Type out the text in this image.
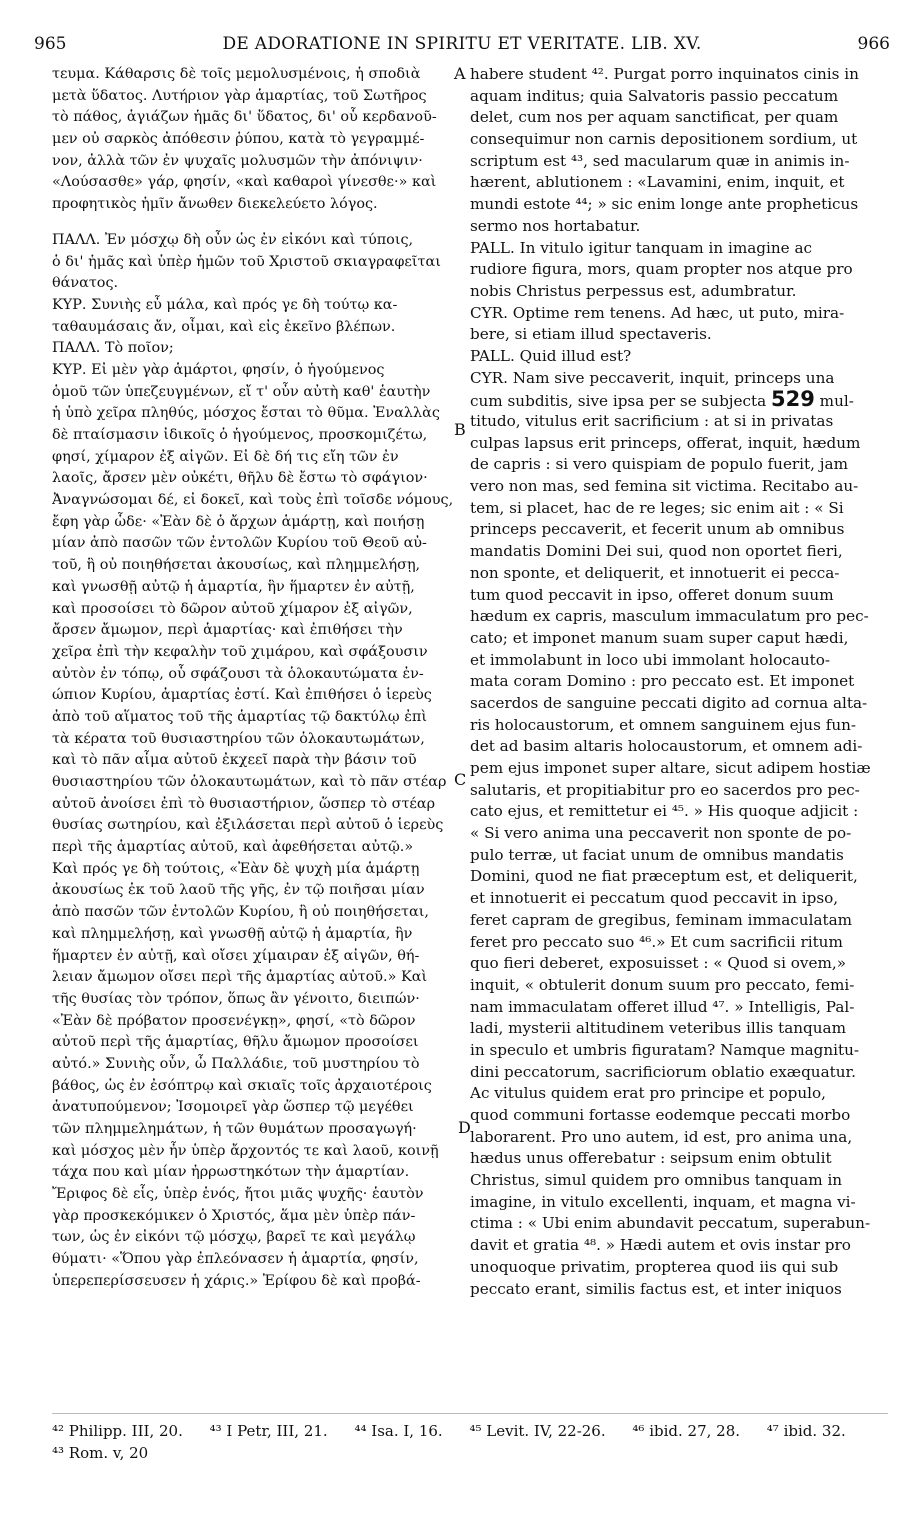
965	DE ADORATIONE IN SPIRITU ET VERITATE. LIB. XV.	966
τευμα. Κάθαρσις δὲ τοῖς μεμολυσμένοις, ἡ σποδιὰ
μετὰ ὕδατος. Λυτήριον γὰρ ἁμαρτίας, τοῦ Σωτῆρος
τὸ πάθος, ἁγιάζων ἡμᾶς δι' ὕδατος, δι' οὗ κερδανοῦ-
μεν οὐ σαρκὸς ἀπόθεσιν ῥύπου, κατὰ τὸ γεγραμμέ-
νον, ἀλλὰ τῶν ἐν ψυχαῖς μολυσμῶν τὴν ἀπόνιψιν·
«Λούσασθε» γάρ, φησίν, «καὶ καθαροὶ γίνεσθε·» καὶ
προφητικὸς ἡμῖν ἄνωθεν διεκελεύετο λόγος.
ΠΑΛΛ. Ἐν μόσχῳ δὴ οὖν ὡς ἐν εἰκόνι καὶ τύποις,
ὁ δι' ἡμᾶς καὶ ὑπὲρ ἡμῶν τοῦ Χριστοῦ σκιαγραφεῖται
θάνατος.
ΚΥΡ. Συνιὴς εὖ μάλα, καὶ πρός γε δὴ τούτῳ κα-
ταθαυμάσαις ἄν, οἶμαι, καὶ εἰς ἐκεῖνο βλέπων.
ΠΑΛΛ. Τὸ ποῖον;
ΚΥΡ. Εἰ μὲν γὰρ ἁμάρτοι, φησίν, ὁ ἡγούμενος
ὁμοῦ τῶν ὑπεζευγμένων, εἴ τ' οὖν αὐτὴ καθ' ἑαυτὴν
ἡ ὑπὸ χεῖρα πληθύς, μόσχος ἔσται τὸ θῦμα. Ἐναλλὰς
δὲ πταίσμασιν ἰδικοῖς ὁ ἡγούμενος, προσκομιζέτω,
φησί, χίμαρον ἐξ αἰγῶν. Εἰ δὲ δή τις εἴη τῶν ἐν
λαοῖς, ἄρσεν μὲν οὐκέτι, θῆλυ δὲ ἔστω τὸ σφάγιον·
Ἀναγνώσομαι δέ, εἰ δοκεῖ, καὶ τοὺς ἐπὶ τοῖσδε νόμους,
ἔφη γὰρ ὧδε· «Ἐὰν δὲ ὁ ἄρχων ἁμάρτῃ, καὶ ποιήσῃ
μίαν ἀπὸ πασῶν τῶν ἐντολῶν Κυρίου τοῦ Θεοῦ αὐ-
τοῦ, ἣ οὐ ποιηθήσεται ἀκουσίως, καὶ πλημμελήσῃ,
καὶ γνωσθῇ αὐτῷ ἡ ἁμαρτία, ἣν ἥμαρτεν ἐν αὐτῇ,
καὶ προσοίσει τὸ δῶρον αὐτοῦ χίμαρον ἐξ αἰγῶν,
ἄρσεν ἄμωμον, περὶ ἁμαρτίας· καὶ ἐπιθήσει τὴν
χεῖρα ἐπὶ τὴν κεφαλὴν τοῦ χιμάρου, καὶ σφάξουσιν
αὐτὸν ἐν τόπῳ, οὗ σφάζουσι τὰ ὁλοκαυτώματα ἐν-
ώπιον Κυρίου, ἁμαρτίας ἐστί. Καὶ ἐπιθήσει ὁ ἱερεὺς
ἀπὸ τοῦ αἵματος τοῦ τῆς ἁμαρτίας τῷ δακτύλῳ ἐπὶ
τὰ κέρατα τοῦ θυσιαστηρίου τῶν ὁλοκαυτωμάτων,
καὶ τὸ πᾶν αἷμα αὐτοῦ ἐκχεεῖ παρὰ τὴν βάσιν τοῦ
θυσιαστηρίου τῶν ὁλοκαυτωμάτων, καὶ τὸ πᾶν στέαρ
αὐτοῦ ἀνοίσει ἐπὶ τὸ θυσιαστήριον, ὥσπερ τὸ στέαρ
θυσίας σωτηρίου, καὶ ἐξιλάσεται περὶ αὐτοῦ ὁ ἱερεὺς
περὶ τῆς ἁμαρτίας αὐτοῦ, καὶ ἀφεθήσεται αὐτῷ.»
Καὶ πρός γε δὴ τούτοις, «Ἐὰν δὲ ψυχὴ μία ἁμάρτῃ
ἀκουσίως ἐκ τοῦ λαοῦ τῆς γῆς, ἐν τῷ ποιῆσαι μίαν
ἀπὸ πασῶν τῶν ἐντολῶν Κυρίου, ἣ οὐ ποιηθήσεται,
καὶ πλημμελήσῃ, καὶ γνωσθῇ αὐτῷ ἡ ἁμαρτία, ἣν
ἥμαρτεν ἐν αὐτῇ, καὶ οἴσει χίμαιραν ἐξ αἰγῶν, θή-
λειαν ἄμωμον οἴσει περὶ τῆς ἁμαρτίας αὐτοῦ.» Καὶ
τῆς θυσίας τὸν τρόπον, ὅπως ἂν γένοιτο, διειπών·
«Ἐὰν δὲ πρόβατον προσενέγκῃ», φησί, «τὸ δῶρον
αὐτοῦ περὶ τῆς ἁμαρτίας, θῆλυ ἄμωμον προσοίσει
αὐτό.» Συνιὴς οὖν, ὦ Παλλάδιε, τοῦ μυστηρίου τὸ
βάθος, ὡς ἐν ἐσόπτρῳ καὶ σκιαῖς τοῖς ἀρχαιοτέροις
ἀνατυπούμενον; Ἰσομοιρεῖ γὰρ ὥσπερ τῷ μεγέθει
τῶν πλημμελημάτων, ἡ τῶν θυμάτων προσαγωγή·
καὶ μόσχος μὲν ἦν ὑπὲρ ἄρχοντός τε καὶ λαοῦ, κοινῇ
τάχα που καὶ μίαν ἠρρωστηκότων τὴν ἁμαρτίαν.
Ἔριφος δὲ εἷς, ὑπὲρ ἑνός, ἤτοι μιᾶς ψυχῆς· ἑαυτὸν
γὰρ προσκεκόμικεν ὁ Χριστός, ἅμα μὲν ὑπὲρ πάν-
των, ὡς ἐν εἰκόνι τῷ μόσχῳ, βαρεῖ τε καὶ μεγάλῳ
θύματι· «Ὅπου γὰρ ἐπλεόνασεν ἡ ἁμαρτία, φησίν,
ὑπερεπερίσσευσεν ἡ χάρις.» Ἐρίφου δὲ καὶ προβά-
habere student ⁴². Purgat porro inquinatos cinis in
aquam inditus; quia Salvatoris passio peccatum
delet, cum nos per aquam sanctificat, per quam
consequimur non carnis depositionem sordium, ut
scriptum est ⁴³, sed macularum quæ in animis in-
hærent, ablutionem : «Lavamini, enim, inquit, et
mundi estote ⁴⁴; » sic enim longe ante propheticus
sermo nos hortabatur.
PALL. In vitulo igitur tanquam in imagine ac
rudiore figura, mors, quam propter nos atque pro
nobis Christus perpessus est, adumbratur.
CYR. Optime rem tenens. Ad hæc, ut puto, mira-
bere, si etiam illud spectaveris.
PALL. Quid illud est?
CYR. Nam sive peccaverit, inquit, princeps una
cum subditis, sive ipsa per se subjecta 529 mul-
titudo, vitulus erit sacrificium : at si in privatas
culpas lapsus erit princeps, offerat, inquit, hædum
de capris : si vero quispiam de populo fuerit, jam
vero non mas, sed femina sit victima. Recitabo au-
tem, si placet, hac de re leges; sic enim ait : « Si
princeps peccaverit, et fecerit unum ab omnibus
mandatis Domini Dei sui, quod non oportet fieri,
non sponte, et deliquerit, et innotuerit ei pecca-
tum quod peccavit in ipso, offeret donum suum
hædum ex capris, masculum immaculatum pro pec-
cato; et imponet manum suam super caput hædi,
et immolabunt in loco ubi immolant holocauto-
mata coram Domino : pro peccato est. Et imponet
sacerdos de sanguine peccati digito ad cornua alta-
ris holocaustorum, et omnem sanguinem ejus fun-
det ad basim altaris holocaustorum, et omnem adi-
pem ejus imponet super altare, sicut adipem hostiæ
salutaris, et propitiabitur pro eo sacerdos pro pec-
cato ejus, et remittetur ei ⁴⁵. » His quoque adjicit :
« Si vero anima una peccaverit non sponte de po-
pulo terræ, ut faciat unum de omnibus mandatis
Domini, quod ne fiat præceptum est, et deliquerit,
et innotuerit ei peccatum quod peccavit in ipso,
feret capram de gregibus, feminam immaculatam
feret pro peccato suo ⁴⁶.» Et cum sacrificii ritum
quo fieri deberet, exposuisset : « Quod si ovem,»
inquit, « obtulerit donum suum pro peccato, femi-
nam immaculatam offeret illud ⁴⁷. » Intelligis, Pal-
ladi, mysterii altitudinem veteribus illis tanquam
in speculo et umbris figuratam? Namque magnitu-
dini peccatorum, sacrificiorum oblatio exæquatur.
Ac vitulus quidem erat pro principe et populo,
quod communi fortasse eodemque peccati morbo
laborarent. Pro uno autem, id est, pro anima una,
hædus unus offerebatur : seipsum enim obtulit
Christus, simul quidem pro omnibus tanquam in
imagine, in vitulo excellenti, inquam, et magna vi-
ctima : « Ubi enim abundavit peccatum, superabun-
davit et gratia ⁴⁸. » Hædi autem et ovis instar pro
unoquoque privatim, propterea quod iis qui sub
peccato erant, similis factus est, et inter iniquos
A
B
C
D
⁴² Philipp. III, 20. ⁴³ I Petr, III, 21. ⁴⁴ Isa. I, 16. ⁴⁵ Levit. IV, 22-26. ⁴⁶ ibid. 27, 28. ⁴⁷ ibid. 32.
⁴³ Rom. v, 20
